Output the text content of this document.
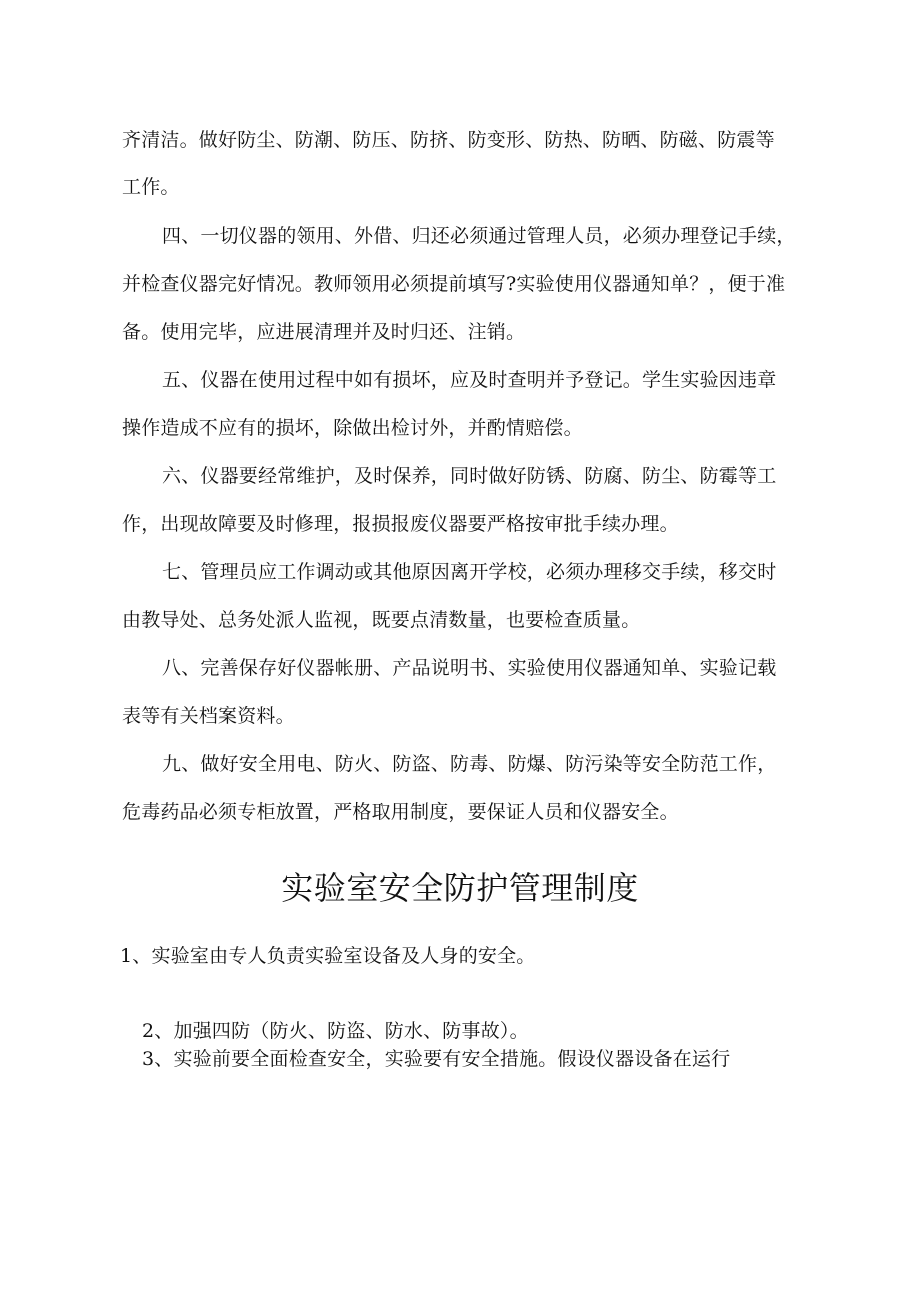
齐清洁。做好防尘、防潮、防压、防挤、防变形、防热、防晒、防磁、防震等
工作。
四、一切仪器的领用、外借、归还必须通过管理人员，必须办理登记手续，
并检查仪器完好情况。教师领用必须提前填写?实验使用仪器通知单？，便于准
备。使用完毕，应进展清理并及时归还、注销。
五、仪器在使用过程中如有损坏，应及时查明并予登记。学生实验因违章
操作造成不应有的损坏，除做出检讨外，并酌情赔偿。
六、仪器要经常维护，及时保养，同时做好防锈、防腐、防尘、防霉等工
作，出现故障要及时修理，报损报废仪器要严格按审批手续办理。
七、管理员应工作调动或其他原因离开学校，必须办理移交手续，移交时
由教导处、总务处派人监视，既要点清数量，也要检查质量。
八、完善保存好仪器帐册、产品说明书、实验使用仪器通知单、实验记载
表等有关档案资料。
九、做好安全用电、防火、防盗、防毒、防爆、防污染等安全防范工作，
危毒药品必须专柜放置，严格取用制度，要保证人员和仪器安全。
实验室安全防护管理制度
1、实验室由专人负责实验室设备及人身的安全。
2、加强四防（防火、防盗、防水、防事故）。
3、实验前要全面检查安全，实验要有安全措施。假设仪器设备在运行
